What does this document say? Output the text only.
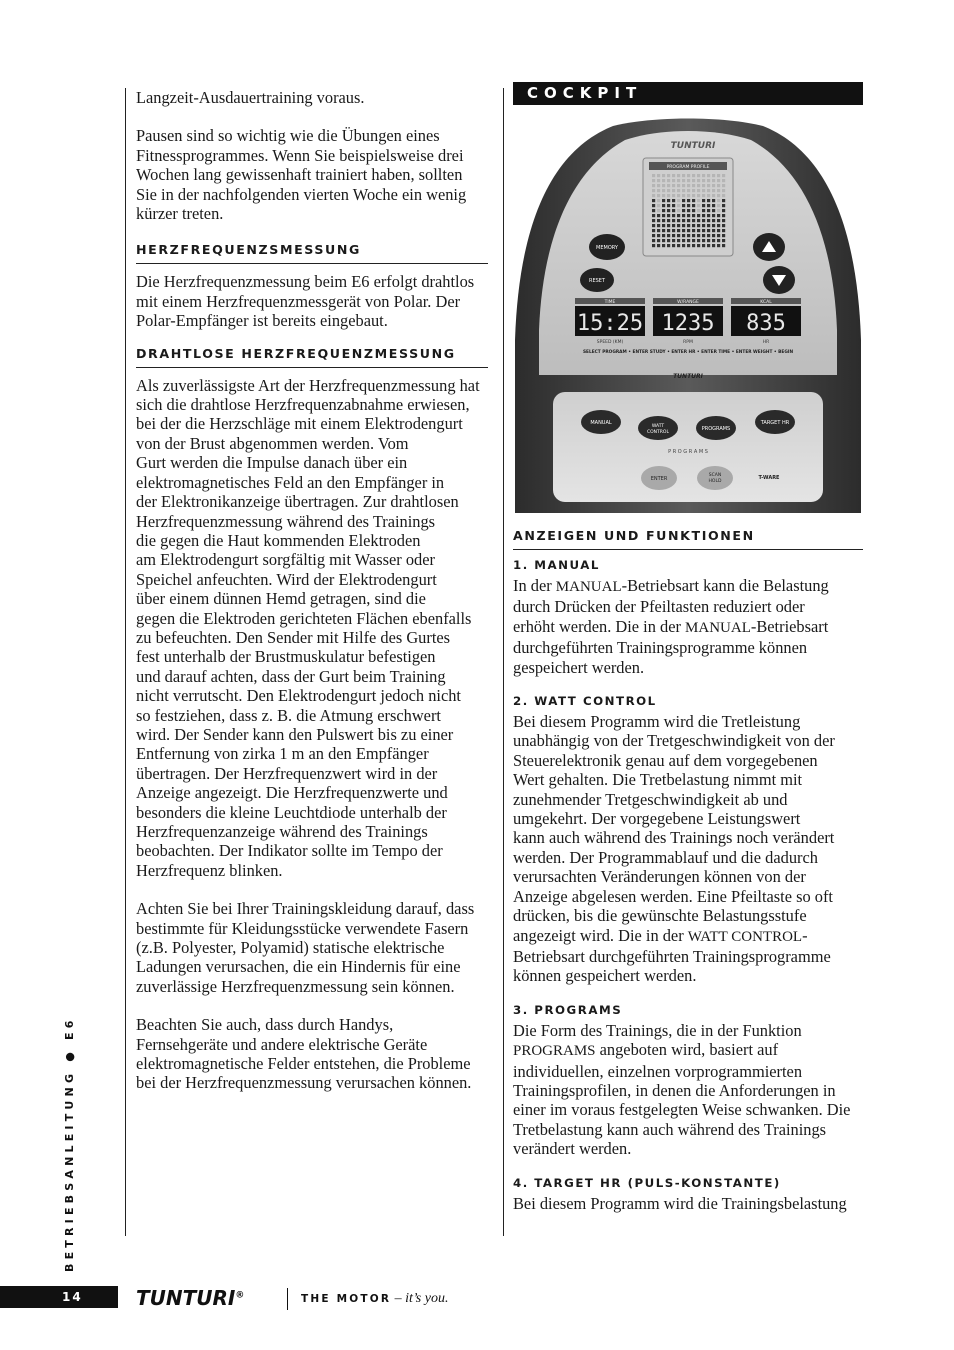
Langzeit-Ausdauertraining voraus.
Pausen sind so wichtig wie die Übungen eines
Fitnessprogrammes. Wenn Sie beispielsweise drei
Wochen lang gewissenhaft trainiert haben, sollten
Sie in der nachfolgenden vierten Woche ein wenig
kürzer treten.
HERZFREQUENZSMESSUNG
Die Herzfrequenzmessung beim E6 erfolgt drahtlos
mit einem Herzfrequenzmessgerät von Polar. Der
Polar-Empfänger ist bereits eingebaut.
DRAHTLOSE HERZFREQUENZMESSUNG
Als zuverlässigste Art der Herzfrequenzmessung hat
sich die drahtlose Herzfrequenzabnahme erwiesen,
bei der die Herzschläge mit einem Elektrodengurt
von der Brust abgenommen werden. Vom
Gurt werden die Impulse danach über ein
elektromagnetisches Feld an den Empfänger in
der Elektronikanzeige übertragen. Zur drahtlosen
Herzfrequenzmessung während des Trainings
die gegen die Haut kommenden Elektroden
am Elektrodengurt sorgfältig mit Wasser oder
Speichel anfeuchten. Wird der Elektrodengurt
über einem dünnen Hemd getragen, sind die
gegen die Elektroden gerichteten Flächen ebenfalls
zu befeuchten. Den Sender mit Hilfe des Gurtes
fest unterhalb der Brustmuskulatur befestigen
und darauf achten, dass der Gurt beim Training
nicht verrutscht. Den Elektrodengurt jedoch nicht
so festziehen, dass z. B. die Atmung erschwert
wird. Der Sender kann den Pulswert bis zu einer
Entfernung von zirka 1 m an den Empfänger
übertragen. Der Herzfrequenzwert wird in der
Anzeige angezeigt. Die Herzfrequenzwerte und
besonders die kleine Leuchtdiode unterhalb der
Herzfrequenzanzeige während des Trainings
beobachten. Der Indikator sollte im Tempo der
Herzfrequenz blinken.
Achten Sie bei Ihrer Trainingskleidung darauf, dass
bestimmte für Kleidungsstücke verwendete Fasern
(z.B. Polyester, Polyamid) statische elektrische
Ladungen verursachen, die ein Hindernis für eine
zuverlässige Herzfrequenzmessung sein können.
Beachten Sie auch, dass durch Handys,
Fernsehgeräte und andere elektrische Geräte
elektromagnetische Felder entstehen, die Probleme
bei der Herzfrequenzmessung verursachen können.
COCKPIT
TUNTURI
PROGRAM PROFILE
MEMORY
RESET
TIME	W/RANGE	KCAL
15:25 1235 835
SPEED (KM)	RPM	HR
SELECT PROGRAM • ENTER STUDY • ENTER HR • ENTER TIME • ENTER WEIGHT • BEGIN
TUNTURI
MANUAL
WATT
CONTROL
PROGRAMS
TARGET HR
P R O G R A M S
ENTER
SCAN
HOLD
T-WARE
ANZEIGEN UND FUNKTIONEN
1. MANUAL
In der MANUAL-Betriebsart kann die Belastung
durch Drücken der Pfeiltasten reduziert oder
erhöht werden. Die in der MANUAL-Betriebsart
durchgeführten Trainingsprogramme können
gespeichert werden.
2. WATT CONTROL
Bei diesem Programm wird die Tretleistung
unabhängig von der Tretgeschwindigkeit von der
Steuerelektronik genau auf dem vorgegebenen
Wert gehalten. Die Tretbelastung nimmt mit
zunehmender Tretgeschwindigkeit ab und
umgekehrt. Der vorgegebene Leistungswert
kann auch während des Trainings noch verändert
werden. Der Programmablauf und die dadurch
verursachten Veränderungen können von der
Anzeige abgelesen werden. Eine Pfeiltaste so oft
drücken, bis die gewünschte Belastungsstufe
angezeigt wird. Die in der WATT CONTROL-
Betriebsart durchgeführten Trainingsprogramme
können gespeichert werden.
3. PROGRAMS
Die Form des Trainings, die in der Funktion
PROGRAMS angeboten wird, basiert auf
individuellen, einzelnen vorprogrammierten
Trainingsprofilen, in denen die Anforderungen in
einer im voraus festgelegten Weise schwanken. Die
Tretbelastung kann auch während des Trainings
verändert werden.
4. TARGET HR (PULS-KONSTANTE)
Bei diesem Programm wird die Trainingsbelastung
BETRIEBSANLEITUNG ● E6
14	TUNTURI®	THE MOTOR – it’s you.
